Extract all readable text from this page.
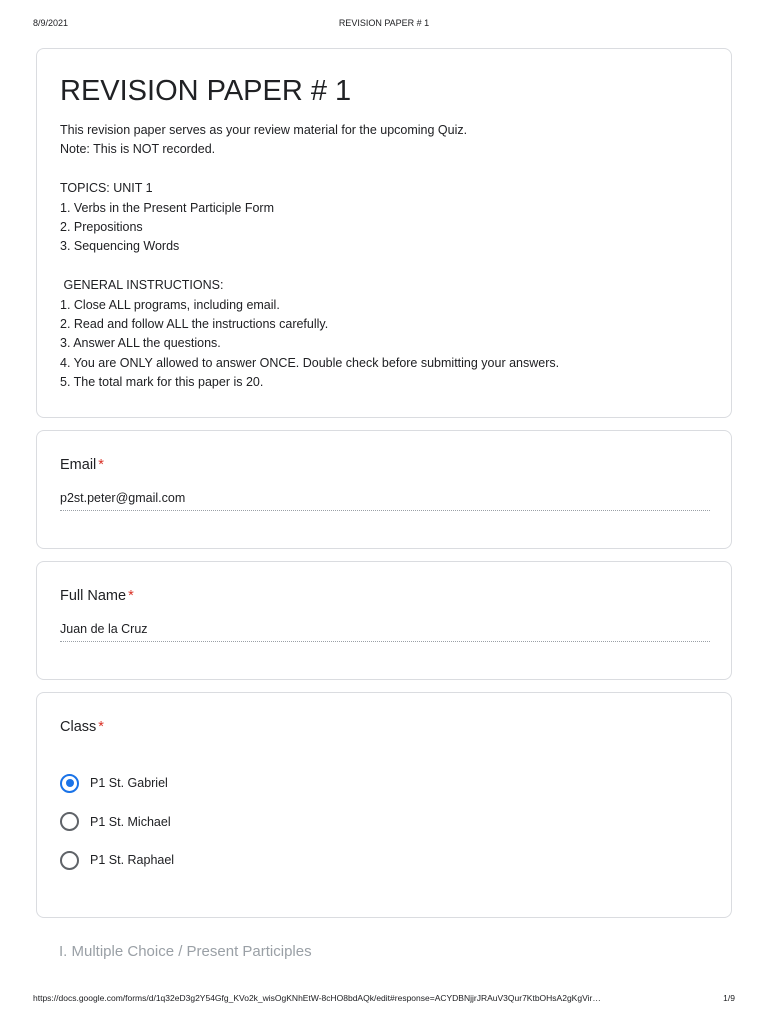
8/9/2021	REVISION PAPER # 1
REVISION PAPER # 1
This revision paper serves as your review material for the upcoming Quiz.
Note: This is NOT recorded.
TOPICS: UNIT 1
1. Verbs in the Present Participle Form
2. Prepositions
3. Sequencing Words
GENERAL INSTRUCTIONS:
1. Close ALL programs, including email.
2. Read and follow ALL the instructions carefully.
3. Answer ALL the questions.
4. You are ONLY allowed to answer ONCE. Double check before submitting your answers.
5. The total mark for this paper is 20.
Email *
p2st.peter@gmail.com
Full Name *
Juan de la Cruz
Class *
P1 St. Gabriel
P1 St. Michael
P1 St. Raphael
I. Multiple Choice / Present Participles
https://docs.google.com/forms/d/1q32eD3g2Y54Gfg_KVo2k_wisOgKNhEtW-8cHO8bdAQk/edit#response=ACYDBNjjrJRAuV3Qur7KtbOHsA2gKgVir…	1/9
